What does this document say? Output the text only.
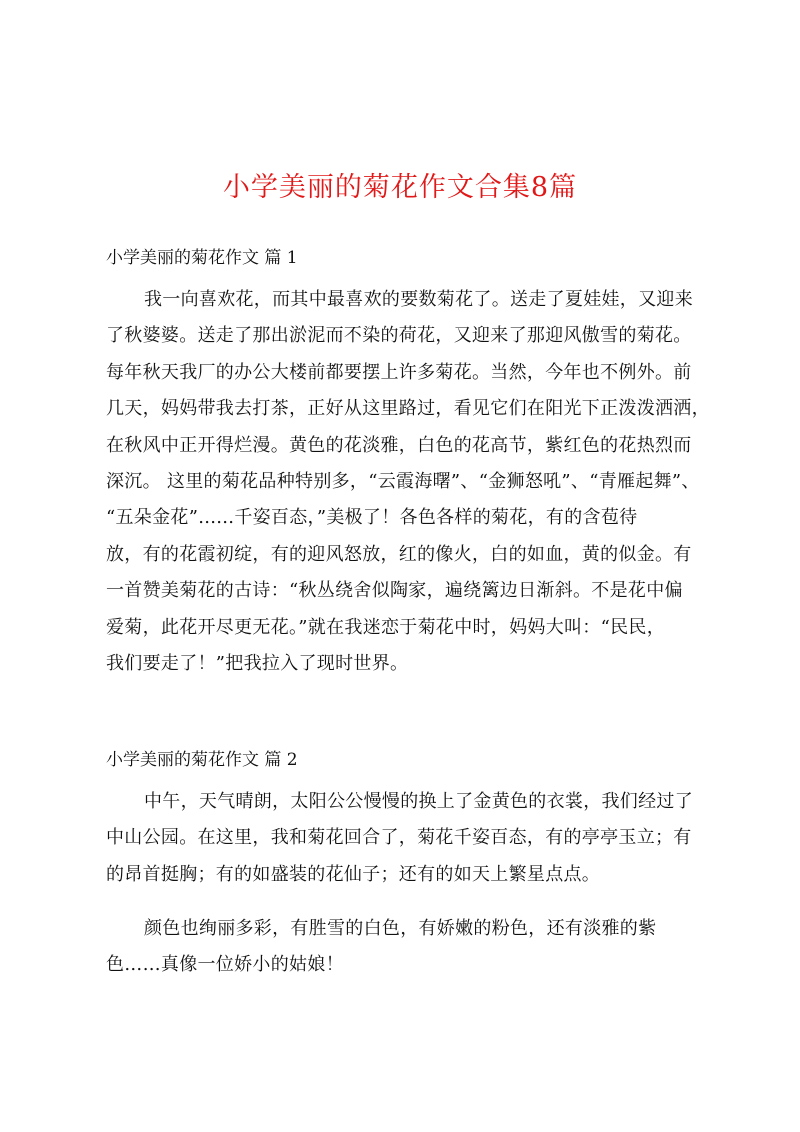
小学美丽的菊花作文合集8篇
小学美丽的菊花作文 篇 1
我一向喜欢花，而其中最喜欢的要数菊花了。送走了夏娃娃，又迎来
了秋婆婆。送走了那出淤泥而不染的荷花，又迎来了那迎风傲雪的菊花。
每年秋天我厂的办公大楼前都要摆上许多菊花。当然，今年也不例外。前
几天，妈妈带我去打茶，正好从这里路过，看见它们在阳光下正泼泼洒洒，
在秋风中正开得烂漫。黄色的花淡雅，白色的花高节，紫红色的花热烈而
深沉。 这里的菊花品种特别多，“云霞海曙”、“金狮怒吼”、“青雁起舞”、
“五朵金花”......千姿百态，”美极了！各色各样的菊花，有的含苞待
放，有的花霞初绽，有的迎风怒放，红的像火，白的如血，黄的似金。有
一首赞美菊花的古诗：“秋丛绕舍似陶家，遍绕篱边日渐斜。不是花中偏
爱菊，此花开尽更无花。”就在我迷恋于菊花中时，妈妈大叫：“民民，
我们要走了！”把我拉入了现时世界。
小学美丽的菊花作文 篇 2
中午，天气晴朗，太阳公公慢慢的换上了金黄色的衣裳，我们经过了
中山公园。在这里，我和菊花回合了，菊花千姿百态，有的亭亭玉立；有
的昂首挺胸；有的如盛装的花仙子；还有的如天上繁星点点。
颜色也绚丽多彩，有胜雪的白色，有娇嫩的粉色，还有淡雅的紫
色……真像一位娇小的姑娘！
